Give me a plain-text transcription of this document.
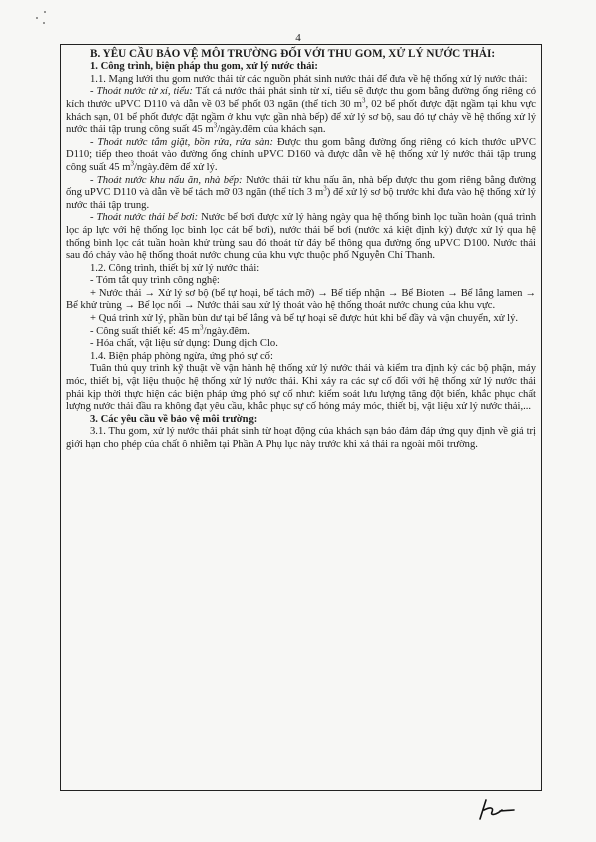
4

B. YÊU CẦU BẢO VỆ MÔI TRƯỜNG ĐỐI VỚI THU GOM, XỬ LÝ NƯỚC THẢI:

1. Công trình, biện pháp thu gom, xử lý nước thải:

1.1. Mạng lưới thu gom nước thải từ các nguồn phát sinh nước thải để đưa về hệ thống xử lý nước thải:

- Thoát nước từ xí, tiểu: Tất cả nước thải phát sinh từ xí, tiểu sẽ được thu gom bằng đường ống riêng có kích thước uPVC D110 và dẫn về 03 bể phốt 03 ngăn (thể tích 30 $m^3$, 02 bể phốt được đặt ngầm tại khu vực khách sạn, 01 bể phốt được đặt ngầm ở khu vực gần nhà bếp) để xử lý sơ bộ, sau đó tự chảy về hệ thống xử lý nước thải tập trung công suất 45 $m^3/ngày.đêm$ của khách sạn.

- Thoát nước tắm giặt, bồn rửa, rửa sàn: Được thu gom bằng đường ống riêng có kích thước uPVC D110; tiếp theo thoát vào đường ống chính uPVC D160 và được dẫn về hệ thống xử lý nước thải tập trung công suất 45 $m^3/ngày.đêm$ để xử lý.

- Thoát nước khu nấu ăn, nhà bếp: Nước thải từ khu nấu ăn, nhà bếp được thu gom riêng bằng đường ống uPVC D110 và dẫn về bể tách mỡ 03 ngăn (thể tích 3 $m^3$) để xử lý sơ bộ trước khi đưa vào hệ thống xử lý nước thải tập trung.

- Thoát nước thải bể bơi: Nước bể bơi được xử lý hàng ngày qua hệ thống bình lọc tuần hoàn (quá trình lọc áp lực với hệ thống lọc bình lọc cát bể bơi), nước thải bể bơi (nước xả kiệt định kỳ) được xử lý qua hệ thống bình lọc cát tuần hoàn khử trùng sau đó thoát từ đáy bể thông qua đường ống uPVC D100. Nước thải sau đó chảy vào hệ thống thoát nước chung của khu vực thuộc phố Nguyễn Chí Thanh.

1.2. Công trình, thiết bị xử lý nước thải:

- Tóm tắt quy trình công nghệ:

+ Nước thải → Xử lý sơ bộ (bể tự hoại, bể tách mỡ) → Bể tiếp nhận → Bể Bioten → Bể lắng lamen → Bể khử trùng → Bể lọc nổi → Nước thải sau xử lý thoát vào hệ thống thoát nước chung của khu vực.

+ Quá trình xử lý, phần bùn dư tại bể lắng và bể tự hoại sẽ được hút khi bể đầy và vận chuyển, xử lý.

- Công suất thiết kế: 45 $m^3/ngày.đêm$.

- Hóa chất, vật liệu sử dụng: Dung dịch Clo.

1.4. Biện pháp phòng ngừa, ứng phó sự cố:

Tuân thủ quy trình kỹ thuật về vận hành hệ thống xử lý nước thải và kiểm tra định kỳ các bộ phận, máy móc, thiết bị, vật liệu thuộc hệ thống xử lý nước thải. Khi xảy ra các sự cố đối với hệ thống xử lý nước thải phải kịp thời thực hiện các biện pháp ứng phó sự cố như: kiểm soát lưu lượng tăng đột biến, khắc phục chất lượng nước thải đầu ra không đạt yêu cầu, khắc phục sự cố hỏng máy móc, thiết bị, vật liệu xử lý nước thải,...

3. Các yêu cầu về bảo vệ môi trường:

3.1. Thu gom, xử lý nước thải phát sinh từ hoạt động của khách sạn bảo đảm đáp ứng quy định về giá trị giới hạn cho phép của chất ô nhiễm tại Phần A Phụ lục này trước khi xả thải ra ngoài môi trường.
